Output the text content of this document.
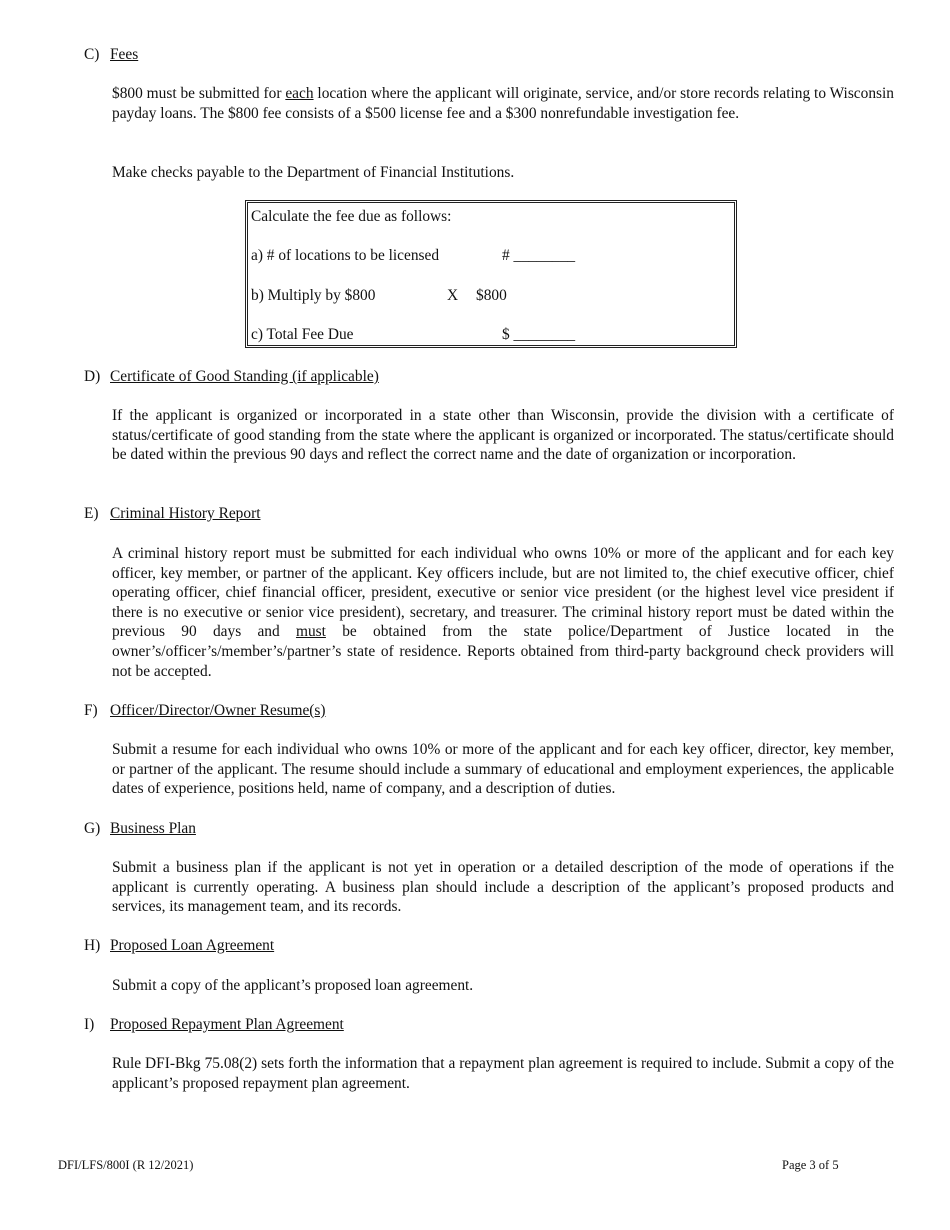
C) Fees

$800 must be submitted for each location where the applicant will originate, service, and/or store records relating to Wisconsin payday loans. The $800 fee consists of a $500 license fee and a $300 nonrefundable investigation fee.

Make checks payable to the Department of Financial Institutions.

Calculate the fee due as follows:
a) # of locations to be licensed	# ________
b) Multiply by $800	X $800
c) Total Fee Due	$ ________
D) Certificate of Good Standing (if applicable)

If the applicant is organized or incorporated in a state other than Wisconsin, provide the division with a certificate of status/certificate of good standing from the state where the applicant is organized or incorporated. The status/certificate should be dated within the previous 90 days and reflect the correct name and the date of organization or incorporation.

E) Criminal History Report

A criminal history report must be submitted for each individual who owns 10% or more of the applicant and for each key officer, key member, or partner of the applicant. Key officers include, but are not limited to, the chief executive officer, chief operating officer, chief financial officer, president, executive or senior vice president (or the highest level vice president if there is no executive or senior vice president), secretary, and treasurer. The criminal history report must be dated within the previous 90 days and must be obtained from the state police/Department of Justice located in the owner’s/officer’s/member’s/partner’s state of residence. Reports obtained from third-party background check providers will not be accepted.

F) Officer/Director/Owner Resume(s)

Submit a resume for each individual who owns 10% or more of the applicant and for each key officer, director, key member, or partner of the applicant. The resume should include a summary of educational and employment experiences, the applicable dates of experience, positions held, name of company, and a description of duties.

G) Business Plan

Submit a business plan if the applicant is not yet in operation or a detailed description of the mode of operations if the applicant is currently operating. A business plan should include a description of the applicant’s proposed products and services, its management team, and its records.

H) Proposed Loan Agreement

Submit a copy of the applicant’s proposed loan agreement.

I) Proposed Repayment Plan Agreement

Rule DFI-Bkg 75.08(2) sets forth the information that a repayment plan agreement is required to include. Submit a copy of the applicant’s proposed repayment plan agreement.

DFI/LFS/800I (R 12/2021)	Page 3 of 5
